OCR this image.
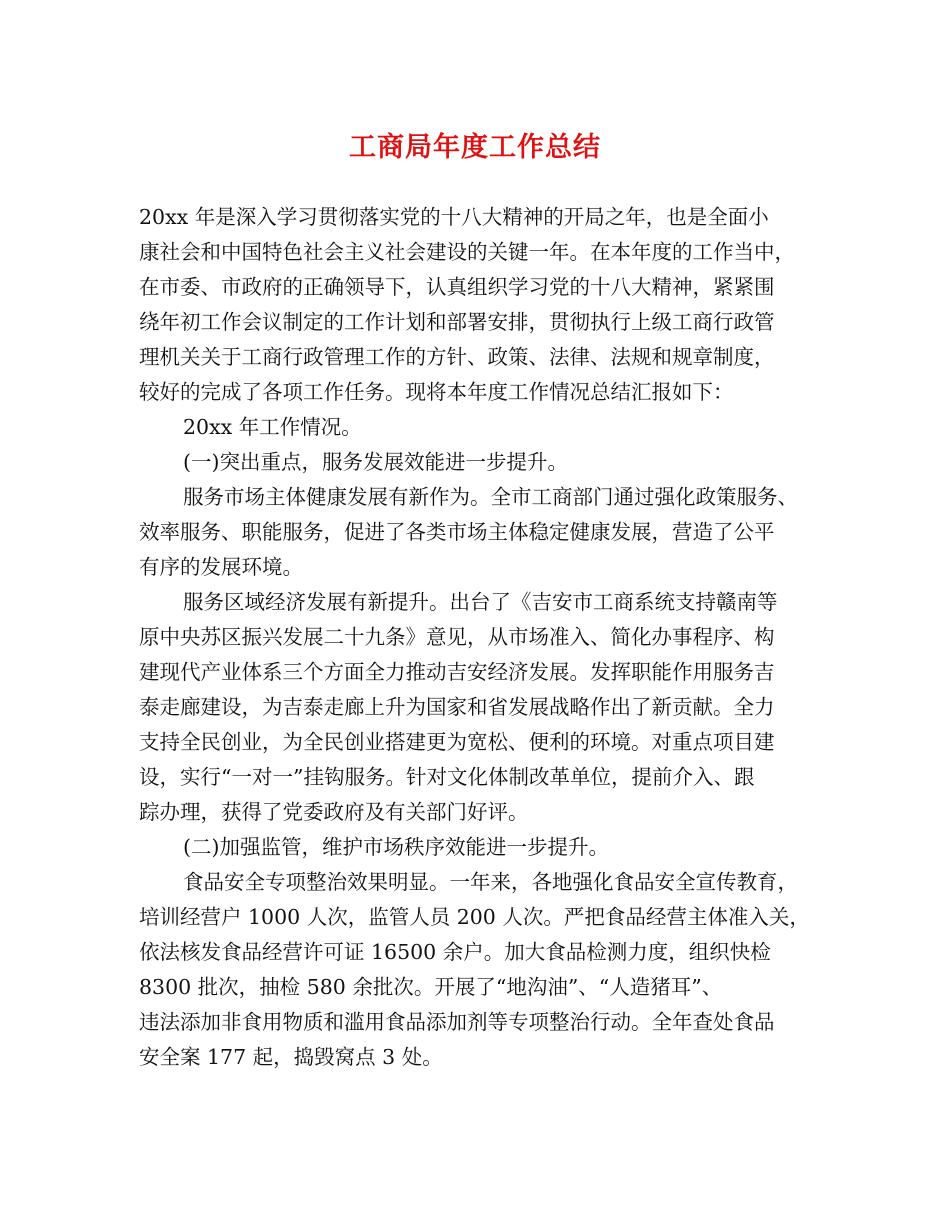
工商局年度工作总结
20xx 年是深入学习贯彻落实党的十八大精神的开局之年，也是全面小
康社会和中国特色社会主义社会建设的关键一年。在本年度的工作当中，
在市委、市政府的正确领导下，认真组织学习党的十八大精神，紧紧围
绕年初工作会议制定的工作计划和部署安排，贯彻执行上级工商行政管
理机关关于工商行政管理工作的方针、政策、法律、法规和规章制度，
较好的完成了各项工作任务。现将本年度工作情况总结汇报如下：
20xx 年工作情况。
(一)突出重点，服务发展效能进一步提升。
服务市场主体健康发展有新作为。全市工商部门通过强化政策服务、
效率服务、职能服务，促进了各类市场主体稳定健康发展，营造了公平
有序的发展环境。
服务区域经济发展有新提升。出台了《吉安市工商系统支持赣南等
原中央苏区振兴发展二十九条》意见，从市场准入、简化办事程序、构
建现代产业体系三个方面全力推动吉安经济发展。发挥职能作用服务吉
泰走廊建设，为吉泰走廊上升为国家和省发展战略作出了新贡献。全力
支持全民创业，为全民创业搭建更为宽松、便利的环境。对重点项目建
设，实行“一对一”挂钩服务。针对文化体制改革单位，提前介入、跟
踪办理，获得了党委政府及有关部门好评。
(二)加强监管，维护市场秩序效能进一步提升。
食品安全专项整治效果明显。一年来，各地强化食品安全宣传教育，
培训经营户 1000 人次，监管人员 200 人次。严把食品经营主体准入关，
依法核发食品经营许可证 16500 余户。加大食品检测力度，组织快检
8300 批次，抽检 580 余批次。开展了“地沟油”、“人造猪耳”、
违法添加非食用物质和滥用食品添加剂等专项整治行动。全年查处食品
安全案 177 起，捣毁窝点 3 处。
